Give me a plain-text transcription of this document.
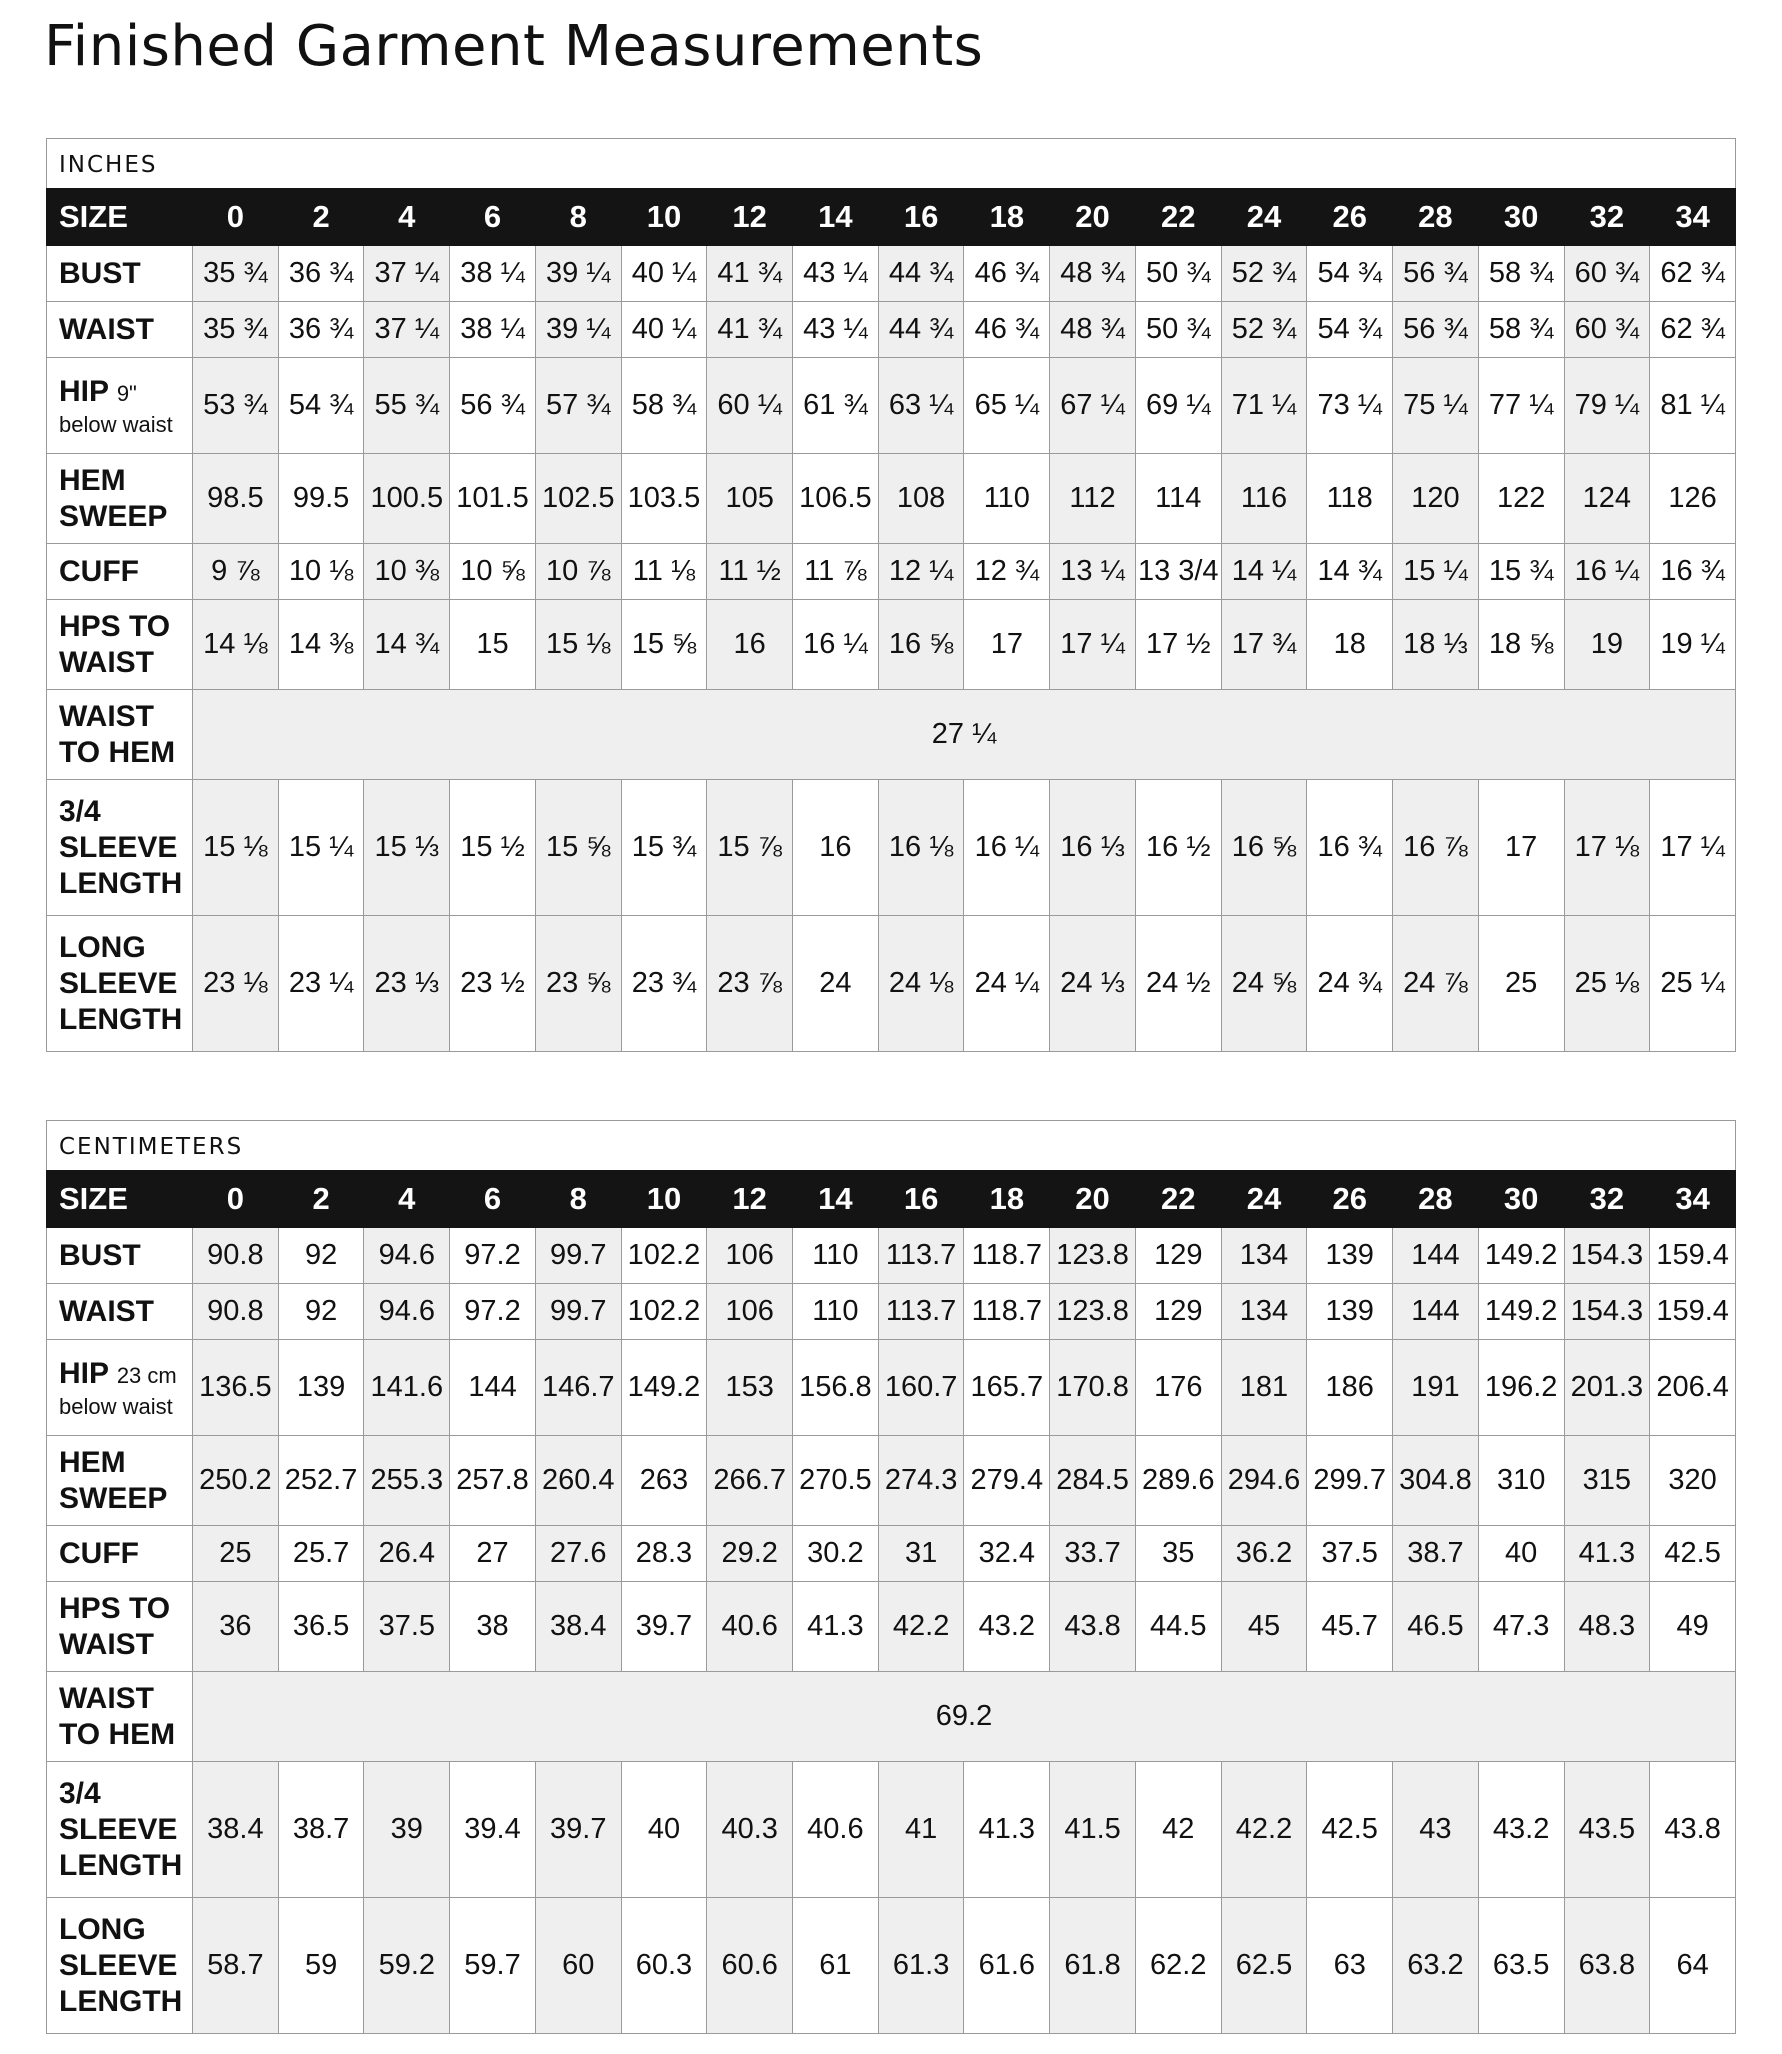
Finished Garment Measurements
INCHES
SIZE	0	2	4	6	8	10	12	14	16	18	20	22	24	26	28	30	32	34
BUST	35 ¾	36 ¾	37 ¼	38 ¼	39 ¼	40 ¼	41 ¾	43 ¼	44 ¾	46 ¾	48 ¾	50 ¾	52 ¾	54 ¾	56 ¾	58 ¾	60 ¾	62 ¾
WAIST	35 ¾	36 ¾	37 ¼	38 ¼	39 ¼	40 ¼	41 ¾	43 ¼	44 ¾	46 ¾	48 ¾	50 ¾	52 ¾	54 ¾	56 ¾	58 ¾	60 ¾	62 ¾
HIP 9"
below waist	53 ¾	54 ¾	55 ¾	56 ¾	57 ¾	58 ¾	60 ¼	61 ¾	63 ¼	65 ¼	67 ¼	69 ¼	71 ¼	73 ¼	75 ¼	77 ¼	79 ¼	81 ¼
HEM SWEEP	98.5	99.5	100.5	101.5	102.5	103.5	105	106.5	108	110	112	114	116	118	120	122	124	126
CUFF	9 ⅞	10 ⅛	10 ⅜	10 ⅝	10 ⅞	11 ⅛	11 ½	11 ⅞	12 ¼	12 ¾	13 ¼	13 3/4	14 ¼	14 ¾	15 ¼	15 ¾	16 ¼	16 ¾
HPS TO WAIST	14 ⅛	14 ⅜	14 ¾	15	15 ⅛	15 ⅝	16	16 ¼	16 ⅝	17	17 ¼	17 ½	17 ¾	18	18 ⅓	18 ⅝	19	19 ¼
WAIST TO HEM	27 ¼																	
3/4 SLEEVE LENGTH	15 ⅛	15 ¼	15 ⅓	15 ½	15 ⅝	15 ¾	15 ⅞	16	16 ⅛	16 ¼	16 ⅓	16 ½	16 ⅝	16 ¾	16 ⅞	17	17 ⅛	17 ¼
LONG SLEEVE LENGTH	23 ⅛	23 ¼	23 ⅓	23 ½	23 ⅝	23 ¾	23 ⅞	24	24 ⅛	24 ¼	24 ⅓	24 ½	24 ⅝	24 ¾	24 ⅞	25	25 ⅛	25 ¼
CENTIMETERS
SIZE	0	2	4	6	8	10	12	14	16	18	20	22	24	26	28	30	32	34
BUST	90.8	92	94.6	97.2	99.7	102.2	106	110	113.7	118.7	123.8	129	134	139	144	149.2	154.3	159.4
WAIST	90.8	92	94.6	97.2	99.7	102.2	106	110	113.7	118.7	123.8	129	134	139	144	149.2	154.3	159.4
HIP 23 cm
below waist	136.5	139	141.6	144	146.7	149.2	153	156.8	160.7	165.7	170.8	176	181	186	191	196.2	201.3	206.4
HEM SWEEP	250.2	252.7	255.3	257.8	260.4	263	266.7	270.5	274.3	279.4	284.5	289.6	294.6	299.7	304.8	310	315	320
CUFF	25	25.7	26.4	27	27.6	28.3	29.2	30.2	31	32.4	33.7	35	36.2	37.5	38.7	40	41.3	42.5
HPS TO WAIST	36	36.5	37.5	38	38.4	39.7	40.6	41.3	42.2	43.2	43.8	44.5	45	45.7	46.5	47.3	48.3	49
WAIST TO HEM	69.2																	
3/4 SLEEVE LENGTH	38.4	38.7	39	39.4	39.7	40	40.3	40.6	41	41.3	41.5	42	42.2	42.5	43	43.2	43.5	43.8
LONG SLEEVE LENGTH	58.7	59	59.2	59.7	60	60.3	60.6	61	61.3	61.6	61.8	62.2	62.5	63	63.2	63.5	63.8	64
